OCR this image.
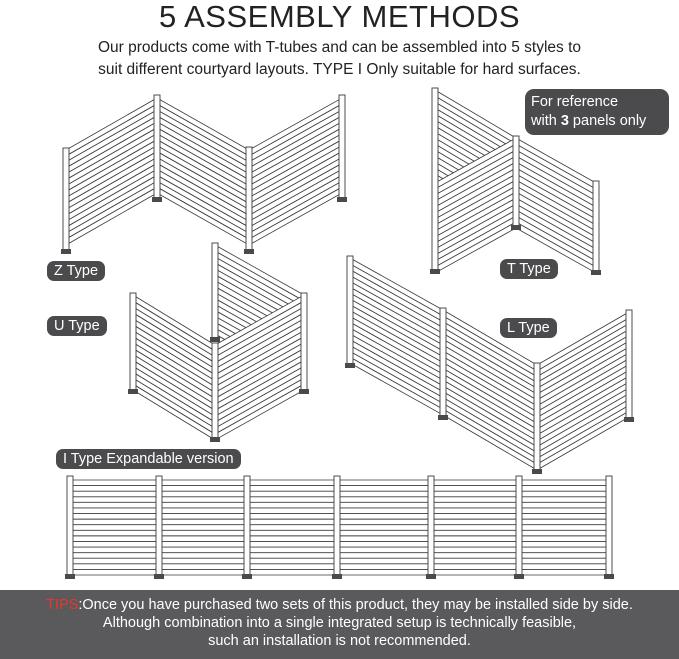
5 ASSEMBLY METHODS
Our products come with T-tubes and can be assembled into 5 styles to
suit different courtyard layouts. TYPE I Only suitable for hard surfaces.
For reference
with 3 panels only
Z Type	T Type
U Type	L Type
I Type Expandable version
TIPS:Once you have purchased two sets of this product, they may be installed side by side.
Although combination into a single integrated setup is technically feasible,
such an installation is not recommended.
